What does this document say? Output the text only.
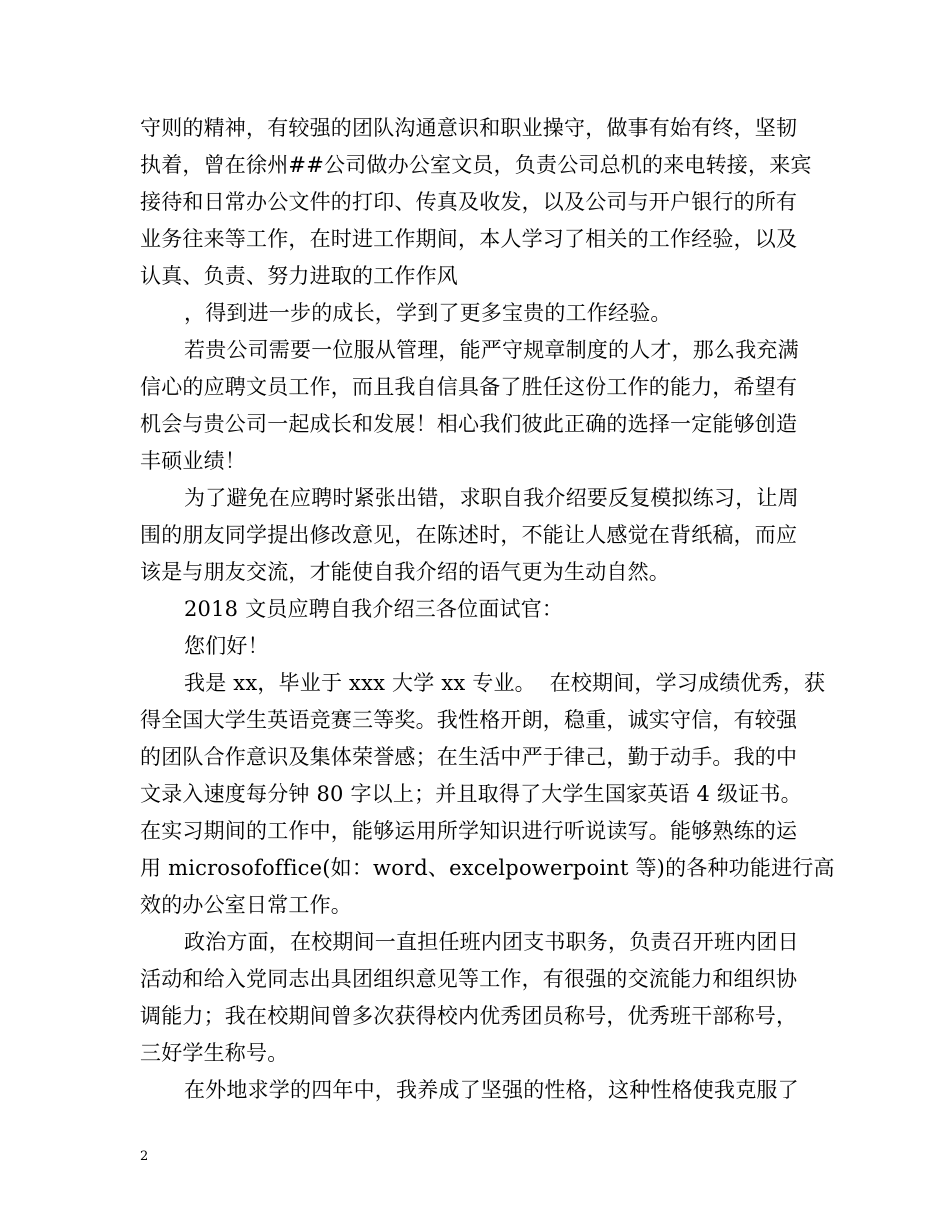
守则的精神，有较强的团队沟通意识和职业操守，做事有始有终，坚韧
执着，曾在徐州##公司做办公室文员，负责公司总机的来电转接，来宾
接待和日常办公文件的打印、传真及收发，以及公司与开户银行的所有
业务往来等工作，在时进工作期间，本人学习了相关的工作经验，以及
认真、负责、努力进取的工作作风
，得到进一步的成长，学到了更多宝贵的工作经验。
若贵公司需要一位服从管理，能严守规章制度的人才，那么我充满
信心的应聘文员工作，而且我自信具备了胜任这份工作的能力，希望有
机会与贵公司一起成长和发展！相心我们彼此正确的选择一定能够创造
丰硕业绩！
为了避免在应聘时紧张出错，求职自我介绍要反复模拟练习，让周
围的朋友同学提出修改意见，在陈述时，不能让人感觉在背纸稿，而应
该是与朋友交流，才能使自我介绍的语气更为生动自然。
2018 文员应聘自我介绍三各位面试官：
您们好！
我是 xx，毕业于 xxx 大学 xx 专业。  在校期间，学习成绩优秀，获
得全国大学生英语竞赛三等奖。我性格开朗，稳重，诚实守信，有较强
的团队合作意识及集体荣誉感；在生活中严于律己，勤于动手。我的中
文录入速度每分钟 80 字以上；并且取得了大学生国家英语 4 级证书。
在实习期间的工作中，能够运用所学知识进行听说读写。能够熟练的运
用 microsofoffice(如：word、excelpowerpoint 等)的各种功能进行高
效的办公室日常工作。
政治方面，在校期间一直担任班内团支书职务，负责召开班内团日
活动和给入党同志出具团组织意见等工作，有很强的交流能力和组织协
调能力；我在校期间曾多次获得校内优秀团员称号，优秀班干部称号，
三好学生称号。
在外地求学的四年中，我养成了坚强的性格，这种性格使我克服了
2
